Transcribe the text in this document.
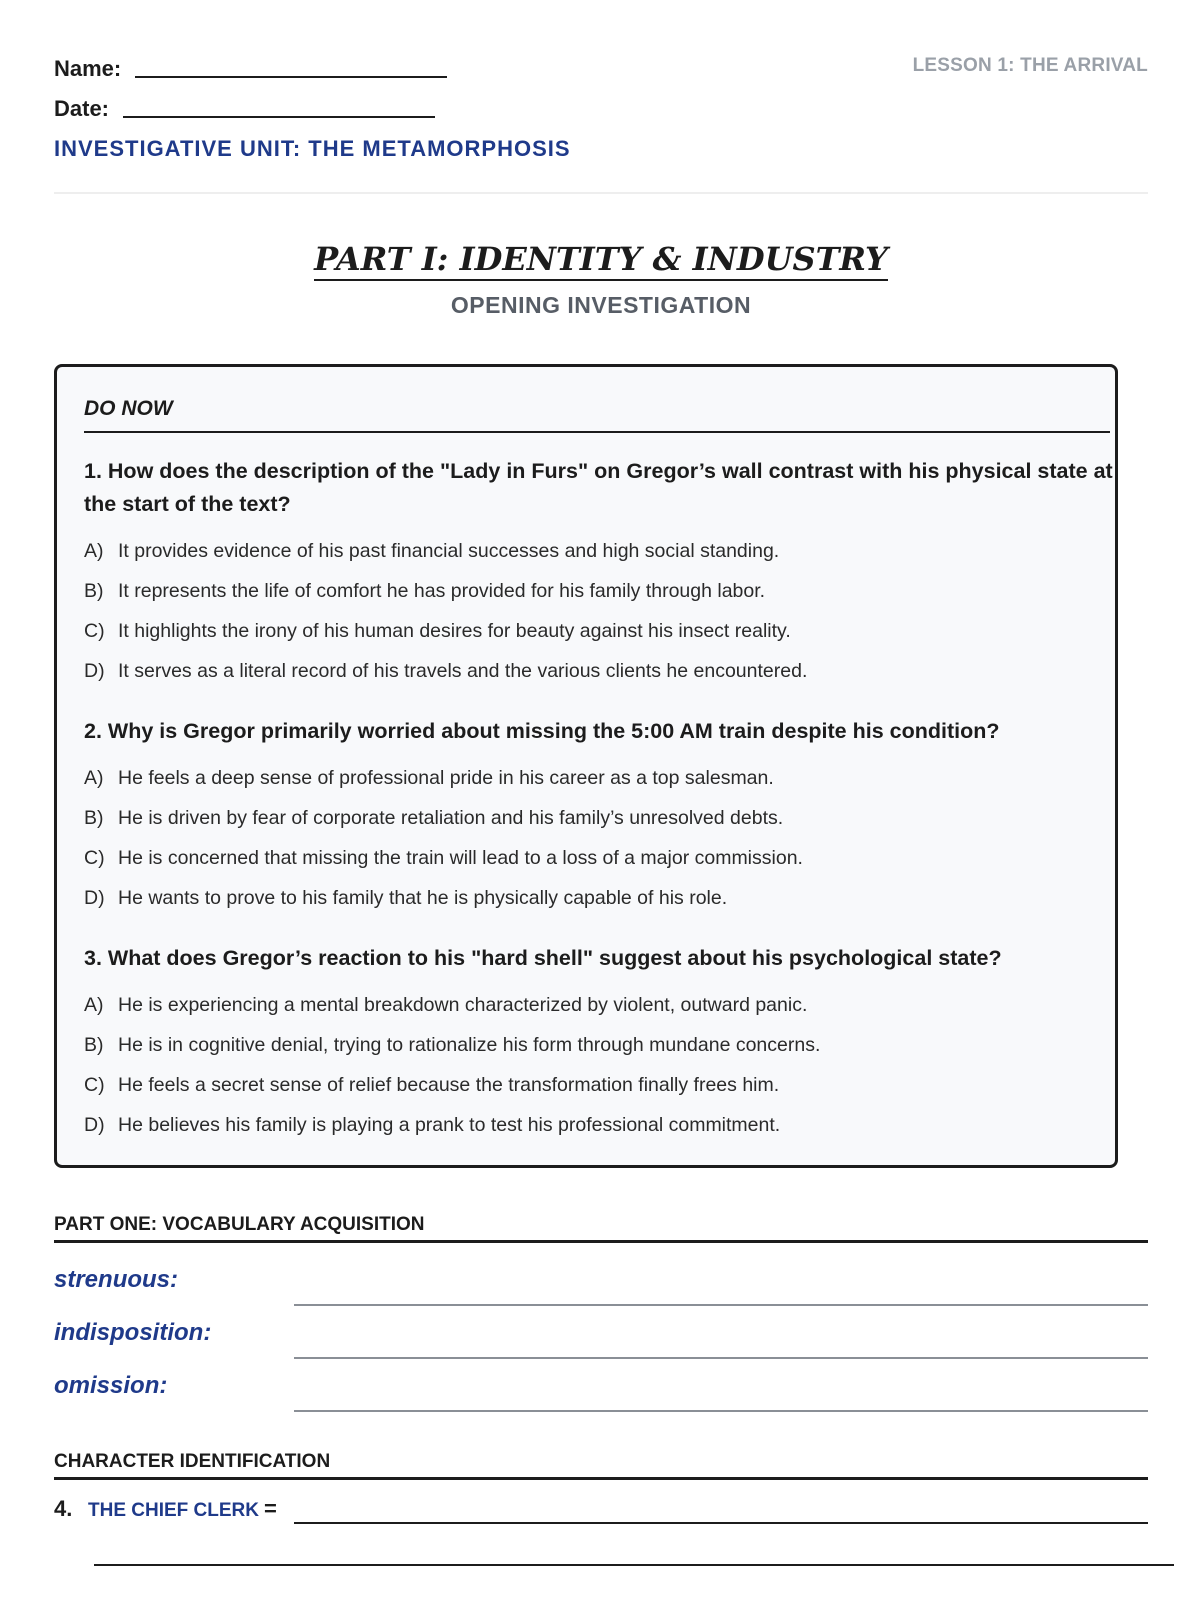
Name:
Date:
LESSON 1: THE ARRIVAL
INVESTIGATIVE UNIT: THE METAMORPHOSIS
PART I: IDENTITY & INDUSTRY
OPENING INVESTIGATION
DO NOW
1. How does the description of the "Lady in Furs" on Gregor’s wall contrast with his physical state at the start of the text?
A) It provides evidence of his past financial successes and high social standing.
B) It represents the life of comfort he has provided for his family through labor.
C) It highlights the irony of his human desires for beauty against his insect reality.
D) It serves as a literal record of his travels and the various clients he encountered.
2. Why is Gregor primarily worried about missing the 5:00 AM train despite his condition?
A) He feels a deep sense of professional pride in his career as a top salesman.
B) He is driven by fear of corporate retaliation and his family’s unresolved debts.
C) He is concerned that missing the train will lead to a loss of a major commission.
D) He wants to prove to his family that he is physically capable of his role.
3. What does Gregor’s reaction to his "hard shell" suggest about his psychological state?
A) He is experiencing a mental breakdown characterized by violent, outward panic.
B) He is in cognitive denial, trying to rationalize his form through mundane concerns.
C) He feels a secret sense of relief because the transformation finally frees him.
D) He believes his family is playing a prank to test his professional commitment.
PART ONE: VOCABULARY ACQUISITION
strenuous:
indisposition:
omission:
CHARACTER IDENTIFICATION
4. THE CHIEF CLERK =
